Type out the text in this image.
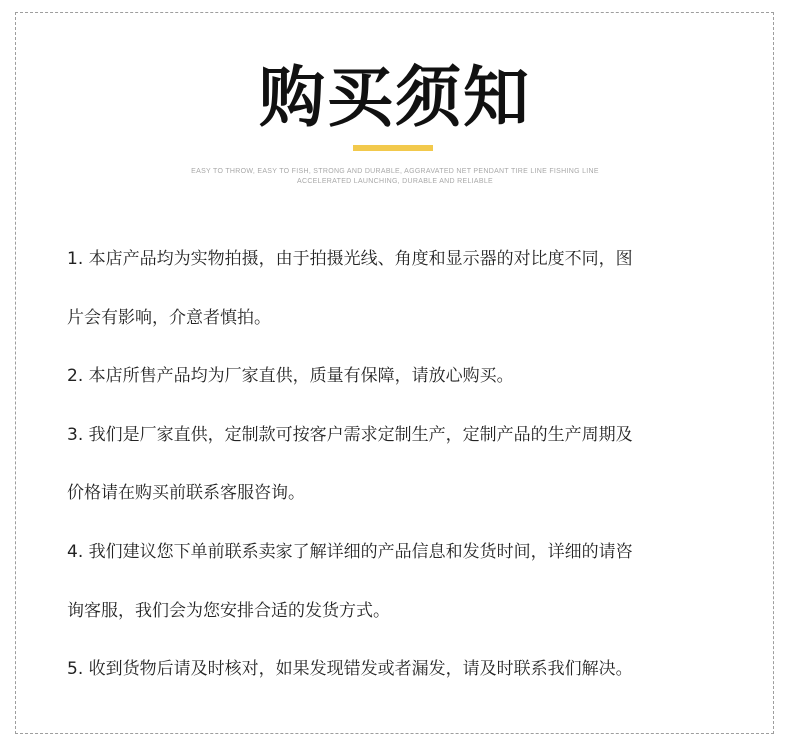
购买须知
EASY TO THROW, EASY TO FISH, STRONG AND DURABLE, AGGRAVATED NET PENDANT TIRE LINE FISHING LINE
ACCELERATED LAUNCHING, DURABLE AND RELIABLE
1. 本店产品均为实物拍摄，由于拍摄光线、角度和显示器的对比度不同，图
片会有影响，介意者慎拍。
2. 本店所售产品均为厂家直供，质量有保障，请放心购买。
3. 我们是厂家直供，定制款可按客户需求定制生产，定制产品的生产周期及
价格请在购买前联系客服咨询。
4. 我们建议您下单前联系卖家了解详细的产品信息和发货时间，详细的请咨
询客服，我们会为您安排合适的发货方式。
5. 收到货物后请及时核对，如果发现错发或者漏发，请及时联系我们解决。
